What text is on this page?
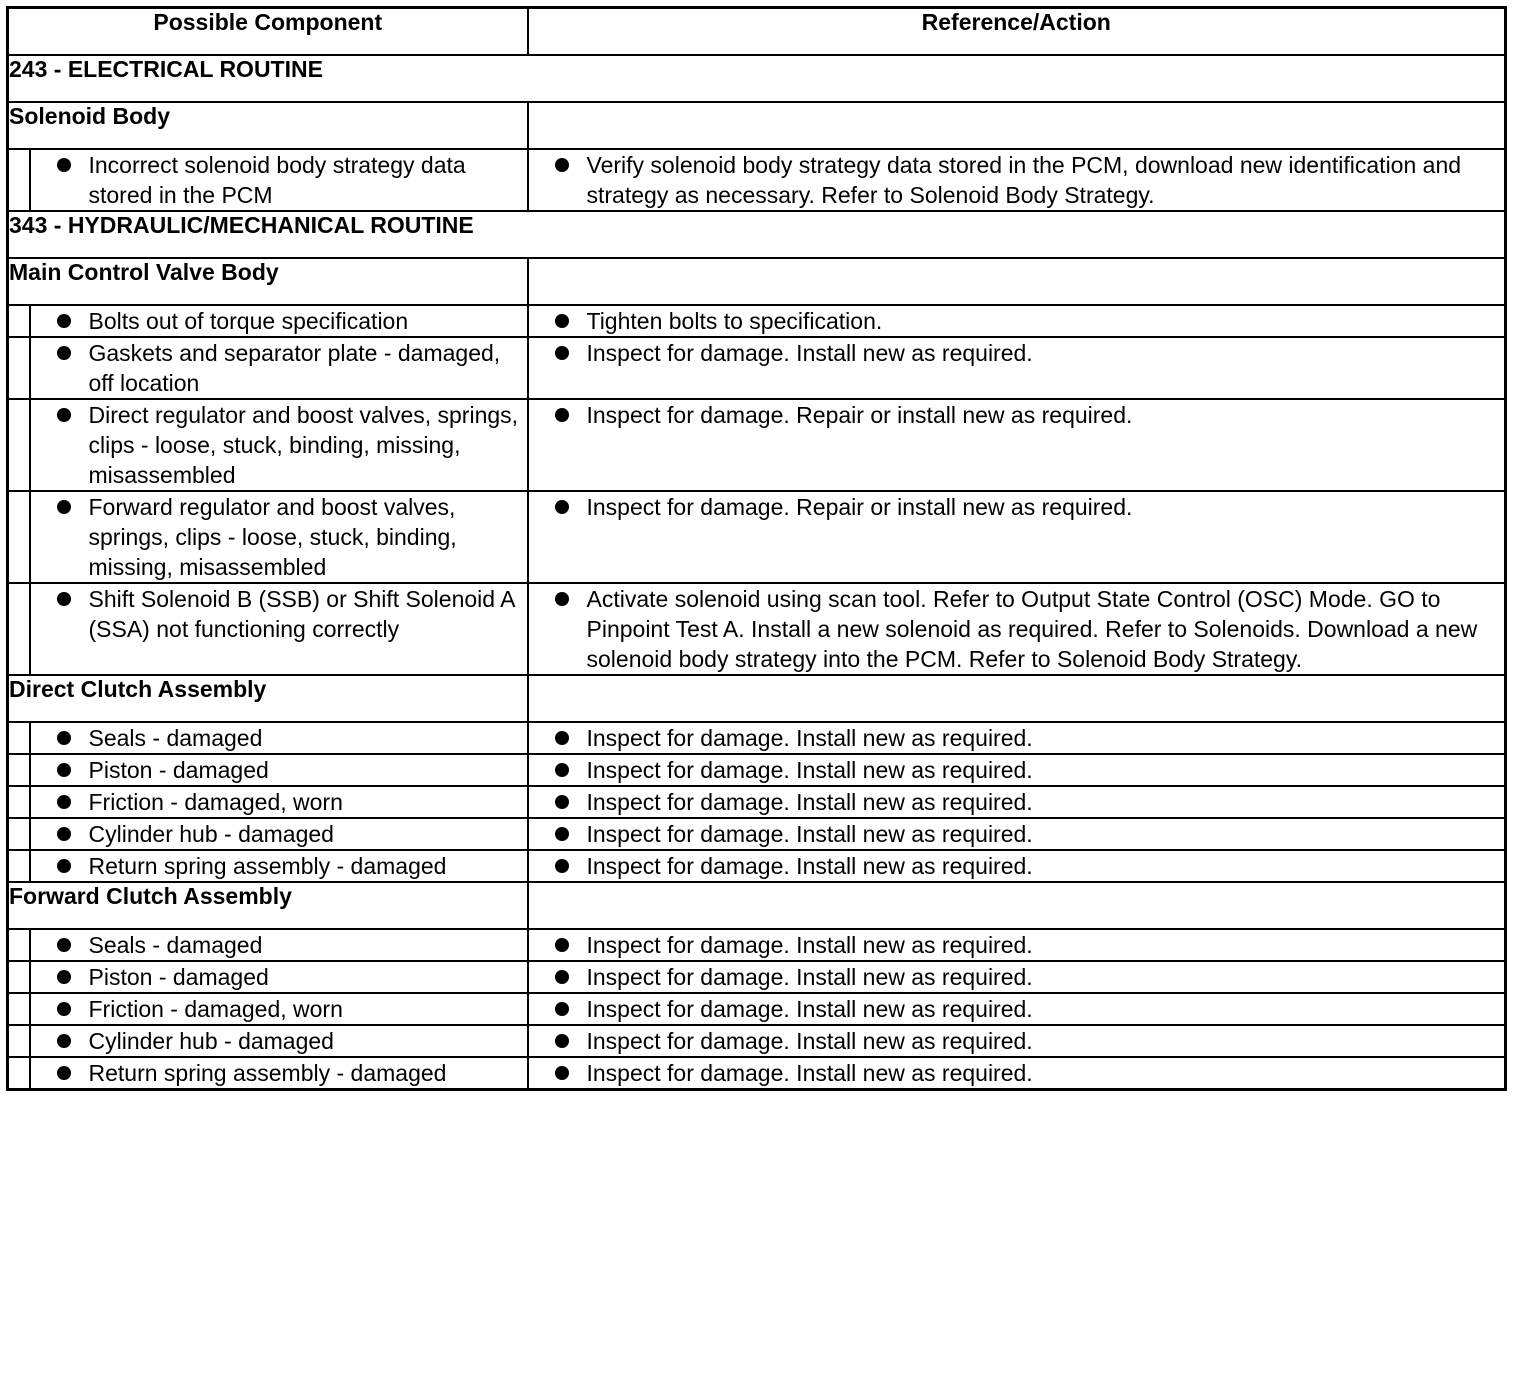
Possible Component		Reference/Action
243 - ELECTRICAL ROUTINE		
Solenoid Body		

	Incorrect solenoid body strategy data stored in the PCM	Verify solenoid body strategy data stored in the PCM, download new identification and strategy as necessary. Refer to Solenoid Body Strategy.

343 - HYDRAULIC/MECHANICAL ROUTINE		
Main Control Valve Body		

	Bolts out of torque specification	Tighten bolts to specification.

	Gaskets and separator plate - damaged, off location	Inspect for damage. Install new as required.

	Direct regulator and boost valves, springs, clips - loose, stuck, binding, missing, misassembled	Inspect for damage. Repair or install new as required.

	Forward regulator and boost valves, springs, clips - loose, stuck, binding, missing, misassembled	Inspect for damage. Repair or install new as required.

	Shift Solenoid B (SSB) or Shift Solenoid A (SSA) not functioning correctly	Activate solenoid using scan tool. Refer to Output State Control (OSC) Mode. GO to Pinpoint Test A. Install a new solenoid as required. Refer to Solenoids. Download a new solenoid body strategy into the PCM. Refer to Solenoid Body Strategy.

Direct Clutch Assembly		

	Seals - damaged	Inspect for damage. Install new as required.

	Piston - damaged	Inspect for damage. Install new as required.

	Friction - damaged, worn	Inspect for damage. Install new as required.

	Cylinder hub - damaged	Inspect for damage. Install new as required.

	Return spring assembly - damaged	Inspect for damage. Install new as required.

Forward Clutch Assembly		

	Seals - damaged	Inspect for damage. Install new as required.

	Piston - damaged	Inspect for damage. Install new as required.

	Friction - damaged, worn	Inspect for damage. Install new as required.

	Cylinder hub - damaged	Inspect for damage. Install new as required.

	Return spring assembly - damaged	Inspect for damage. Install new as required.
